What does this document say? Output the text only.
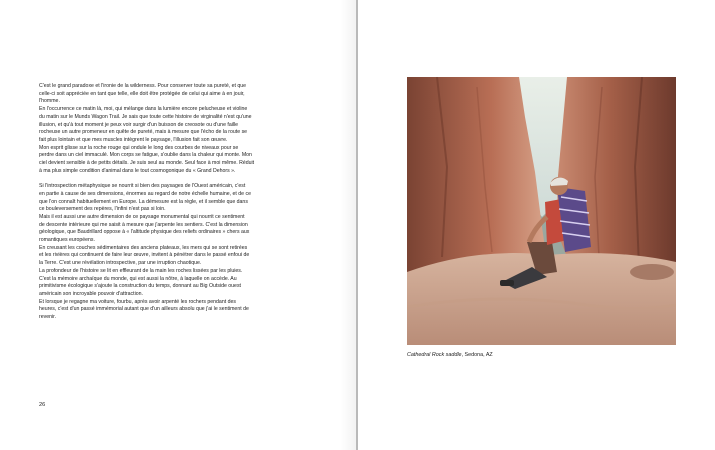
C'est le grand paradoxe et l'ironie de la wilderness. Pour conserver toute sa pureté, et que

celle-ci soit appréciée en tant que telle, elle doit être protégée de celui qui aime à en jouir,

l'homme.

En l'occurrence ce matin là, moi, qui mélange dans la lumière encore pelucheuse et violine

du matin sur le Munds Wagon Trail. Je sais que toute cette histoire de virginalité n'est qu'une

illusion, et qu'à tout moment je peux voir surgir d'un buisson de creosote ou d'une faille

rocheuse un autre promeneur en quête de pureté, mais à mesure que l'écho de la route se

fait plus lointain et que mes muscles intègrent le paysage, l'illusion fait son œuvre.

Mon esprit glisse sur la roche rouge qui ondule le long des courbes de niveaux pour se

perdre dans un ciel immaculé. Mon corps se fatigue, s'oublie dans la chaleur qui monte. Mon

ciel devient sensible à de petits détails. Je suis seul au monde. Seul face à moi même. Réduit

à ma plus simple condition d'animal dans le tout cosmogonique du « Grand Dehors ».

Si l'introspection métaphysique se nourrit si bien des paysages de l'Ouest américain, c'est

en partie à cause de ses dimensions, énormes au regard de notre échelle humaine, et de ce

que l'on connaît habituellement en Europe. La démesure est la règle, et il semble que dans

ce bouleversement des repères, l'infini n'est pas si loin.

Mais il est aussi une autre dimension de ce paysage monumental qui nourrit ce sentiment

de descente intérieure qui me saisit à mesure que j'arpente les sentiers. C'est la dimension

géologique, que Baudrillard oppose à « l'altitude physique des reliefs ordinaires » chers aux

romantiques européens.

En creusant les couches sédimentaires des anciens plateaux, les mers qui se sont retirées

et les rivières qui continuent de faire leur œuvre, invitent à pénétrer dans le passé enfoui de

la Terre. C'est une révélation introspective, par une irruption chaotique.

La profondeur de l'histoire se lit en effleurant de la main les roches lissées par les pluies.

C'est la mémoire archaïque du monde, qui est aussi la nôtre, à laquelle on accède. Au

primitivisme écologique s'ajoute la construction du temps, donnant au Big Outside ouest

américain son incroyable pouvoir d'attraction.

Et lorsque je regagne ma voiture, fourbu, après avoir arpenté les rochers pendant des

heures, c'est d'un passé immémorial autant que d'un ailleurs absolu que j'ai le sentiment de

revenir.

26
Cathedral Rock saddle, Sedona, AZ
